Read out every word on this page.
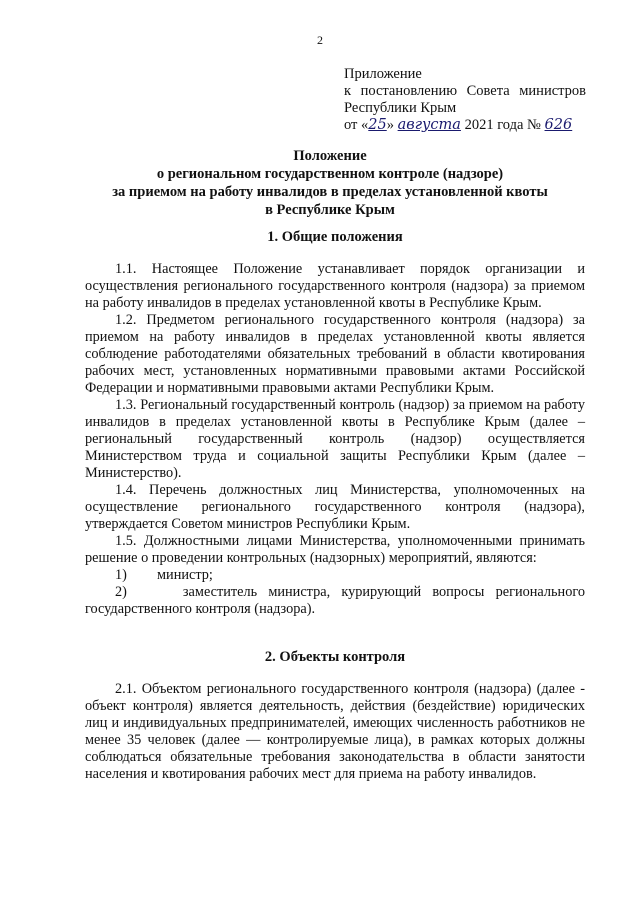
2
Приложение
к постановлению Совета министров
Республики Крым
от «25» августа 2021 года № 626
Положение
о региональном государственном контроле (надзоре)
за приемом на работу инвалидов в пределах установленной квоты
в Республике Крым
1. Общие положения

1.1. Настоящее Положение устанавливает порядок организации и осуществления регионального государственного контроля (надзора) за приемом на работу инвалидов в пределах установленной квоты в Республике Крым.

1.2. Предметом регионального государственного контроля (надзора) за приемом на работу инвалидов в пределах установленной квоты является соблюдение работодателями обязательных требований в области квотирования рабочих мест, установленных нормативными правовыми актами Российской Федерации и нормативными правовыми актами Республики Крым.

1.3. Региональный государственный контроль (надзор) за приемом на работу инвалидов в пределах установленной квоты в Республике Крым (далее – региональный государственный контроль (надзор) осуществляется Министерством труда и социальной защиты Республики Крым (далее – Министерство).

1.4. Перечень должностных лиц Министерства, уполномоченных на осуществление регионального государственного контроля (надзора), утверждается Советом министров Республики Крым.

1.5. Должностными лицами Министерства, уполномоченными принимать решение о проведении контрольных (надзорных) мероприятий, являются:

1)	министр;

2)	заместитель министра, курирующий вопросы регионального государственного контроля (надзора).

2. Объекты контроля

2.1. Объектом регионального государственного контроля (надзора) (далее - объект контроля) является деятельность, действия (бездействие) юридических лиц и индивидуальных предпринимателей, имеющих численность работников не менее 35 человек (далее — контролируемые лица), в рамках которых должны соблюдаться обязательные требования законодательства в области занятости населения и квотирования рабочих мест для приема на работу инвалидов.
